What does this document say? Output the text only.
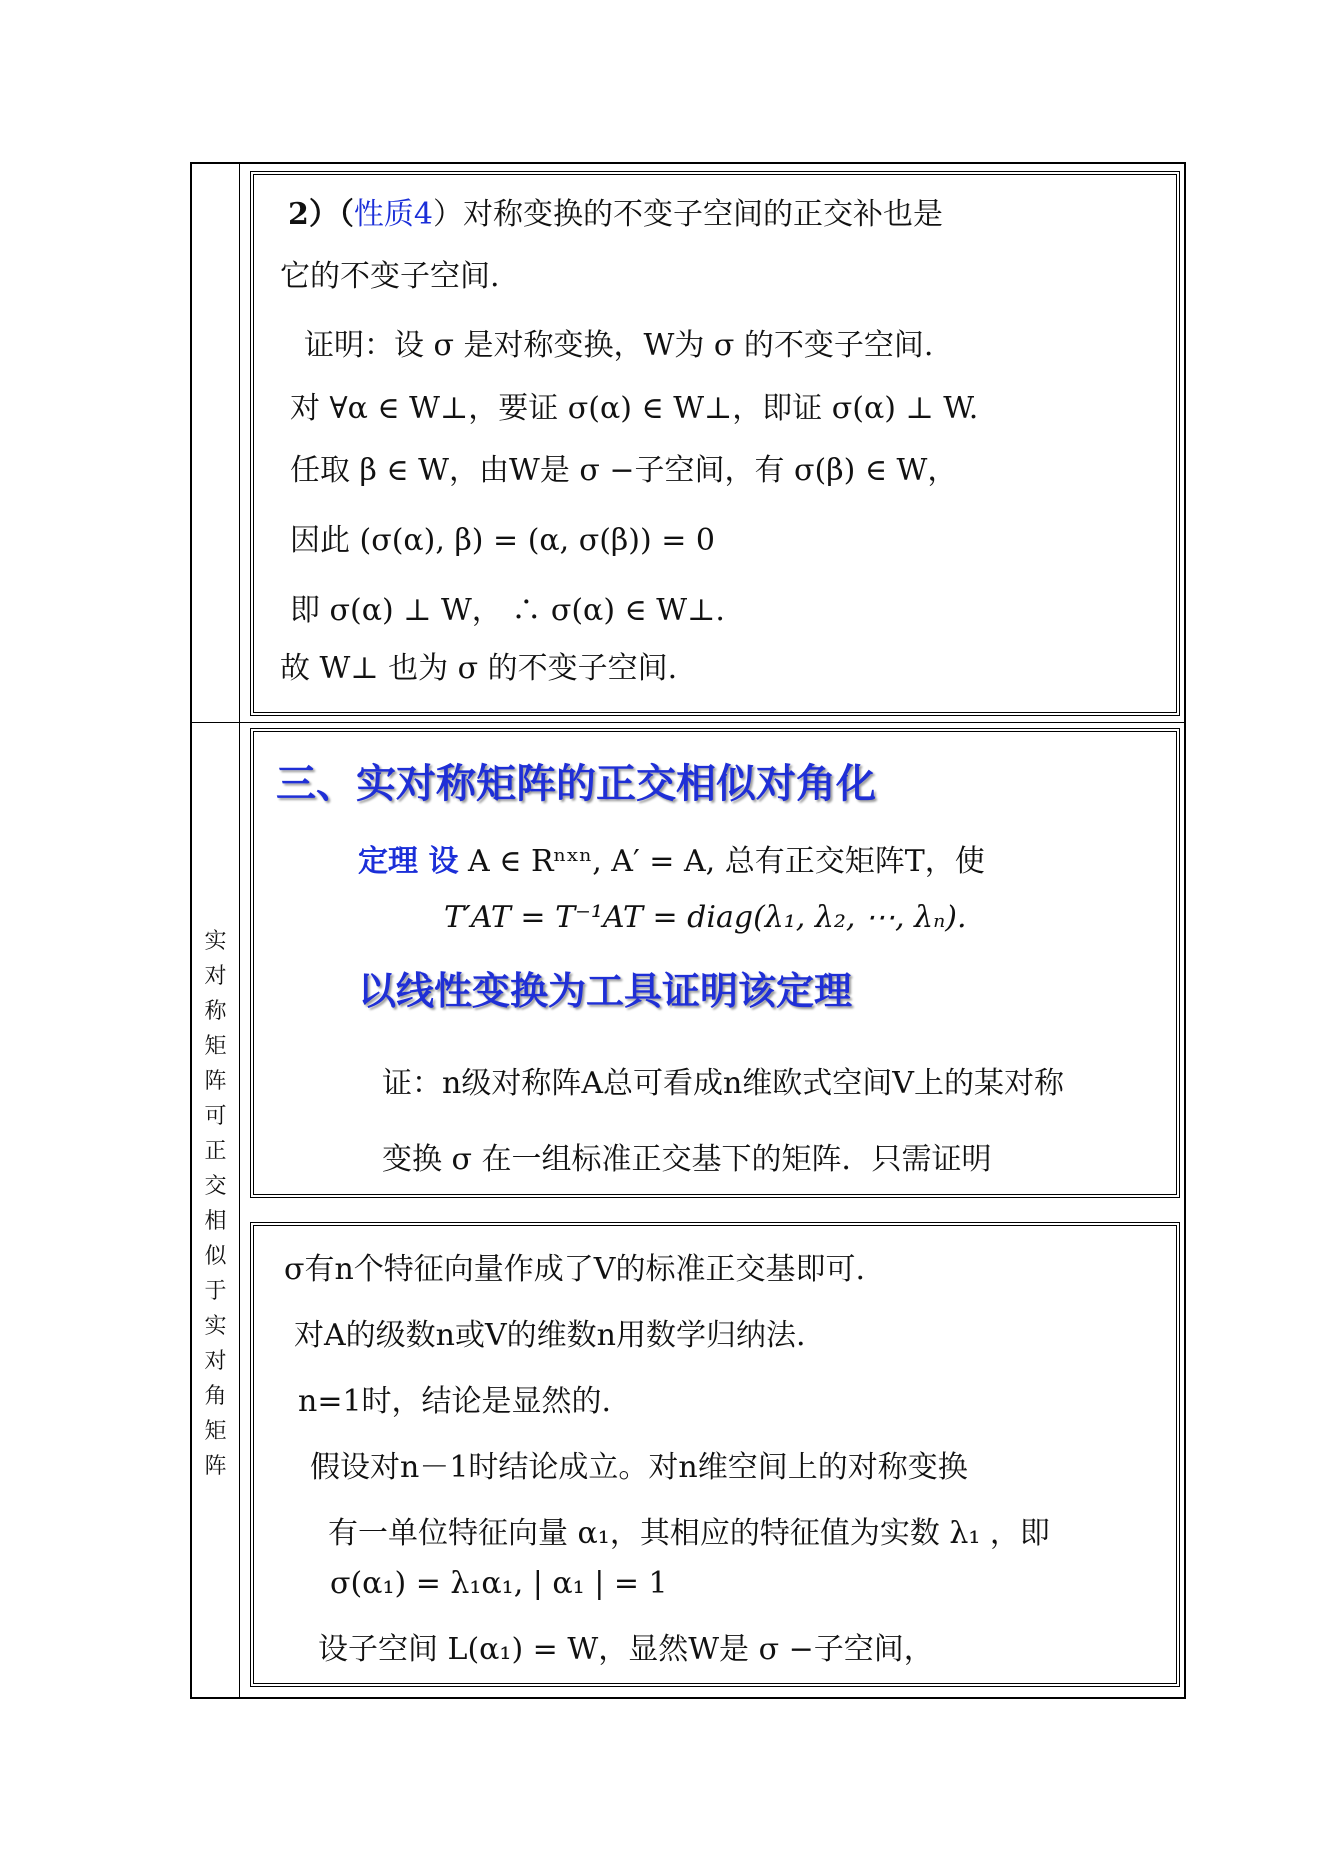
实
对
称
矩
阵
可
正
交
相
似
于
实
对
角
矩
阵
2）（性质4）对称变换的不变子空间的正交补也是
它的不变子空间.
证明：设 σ 是对称变换，W为 σ 的不变子空间.
对 ∀α ∈ W⊥，要证 σ(α) ∈ W⊥，即证 σ(α) ⊥ W.
任取 β ∈ W，由W是 σ −子空间，有 σ(β) ∈ W，
因此 (σ(α), β) = (α, σ(β)) = 0
即 σ(α) ⊥ W， ∴ σ(α) ∈ W⊥.
故 W⊥ 也为 σ 的不变子空间.
三、实对称矩阵的正交相似对角化
定理 设 A ∈ Rⁿˣⁿ, A′ = A, 总有正交矩阵T，使
T′AT = T⁻¹AT = diag(λ₁, λ₂, ⋯, λₙ).
以线性变换为工具证明该定理
证：n级对称阵A总可看成n维欧式空间V上的某对称
变换 σ 在一组标准正交基下的矩阵．只需证明
σ有n个特征向量作成了V的标准正交基即可.
对A的级数n或V的维数n用数学归纳法.
n=1时，结论是显然的.
假设对n－1时结论成立。对n维空间上的对称变换
有一单位特征向量 α₁，其相应的特征值为实数 λ₁ ，即
σ(α₁) = λ₁α₁, | α₁ | = 1
设子空间 L(α₁) = W，显然W是 σ −子空间，
